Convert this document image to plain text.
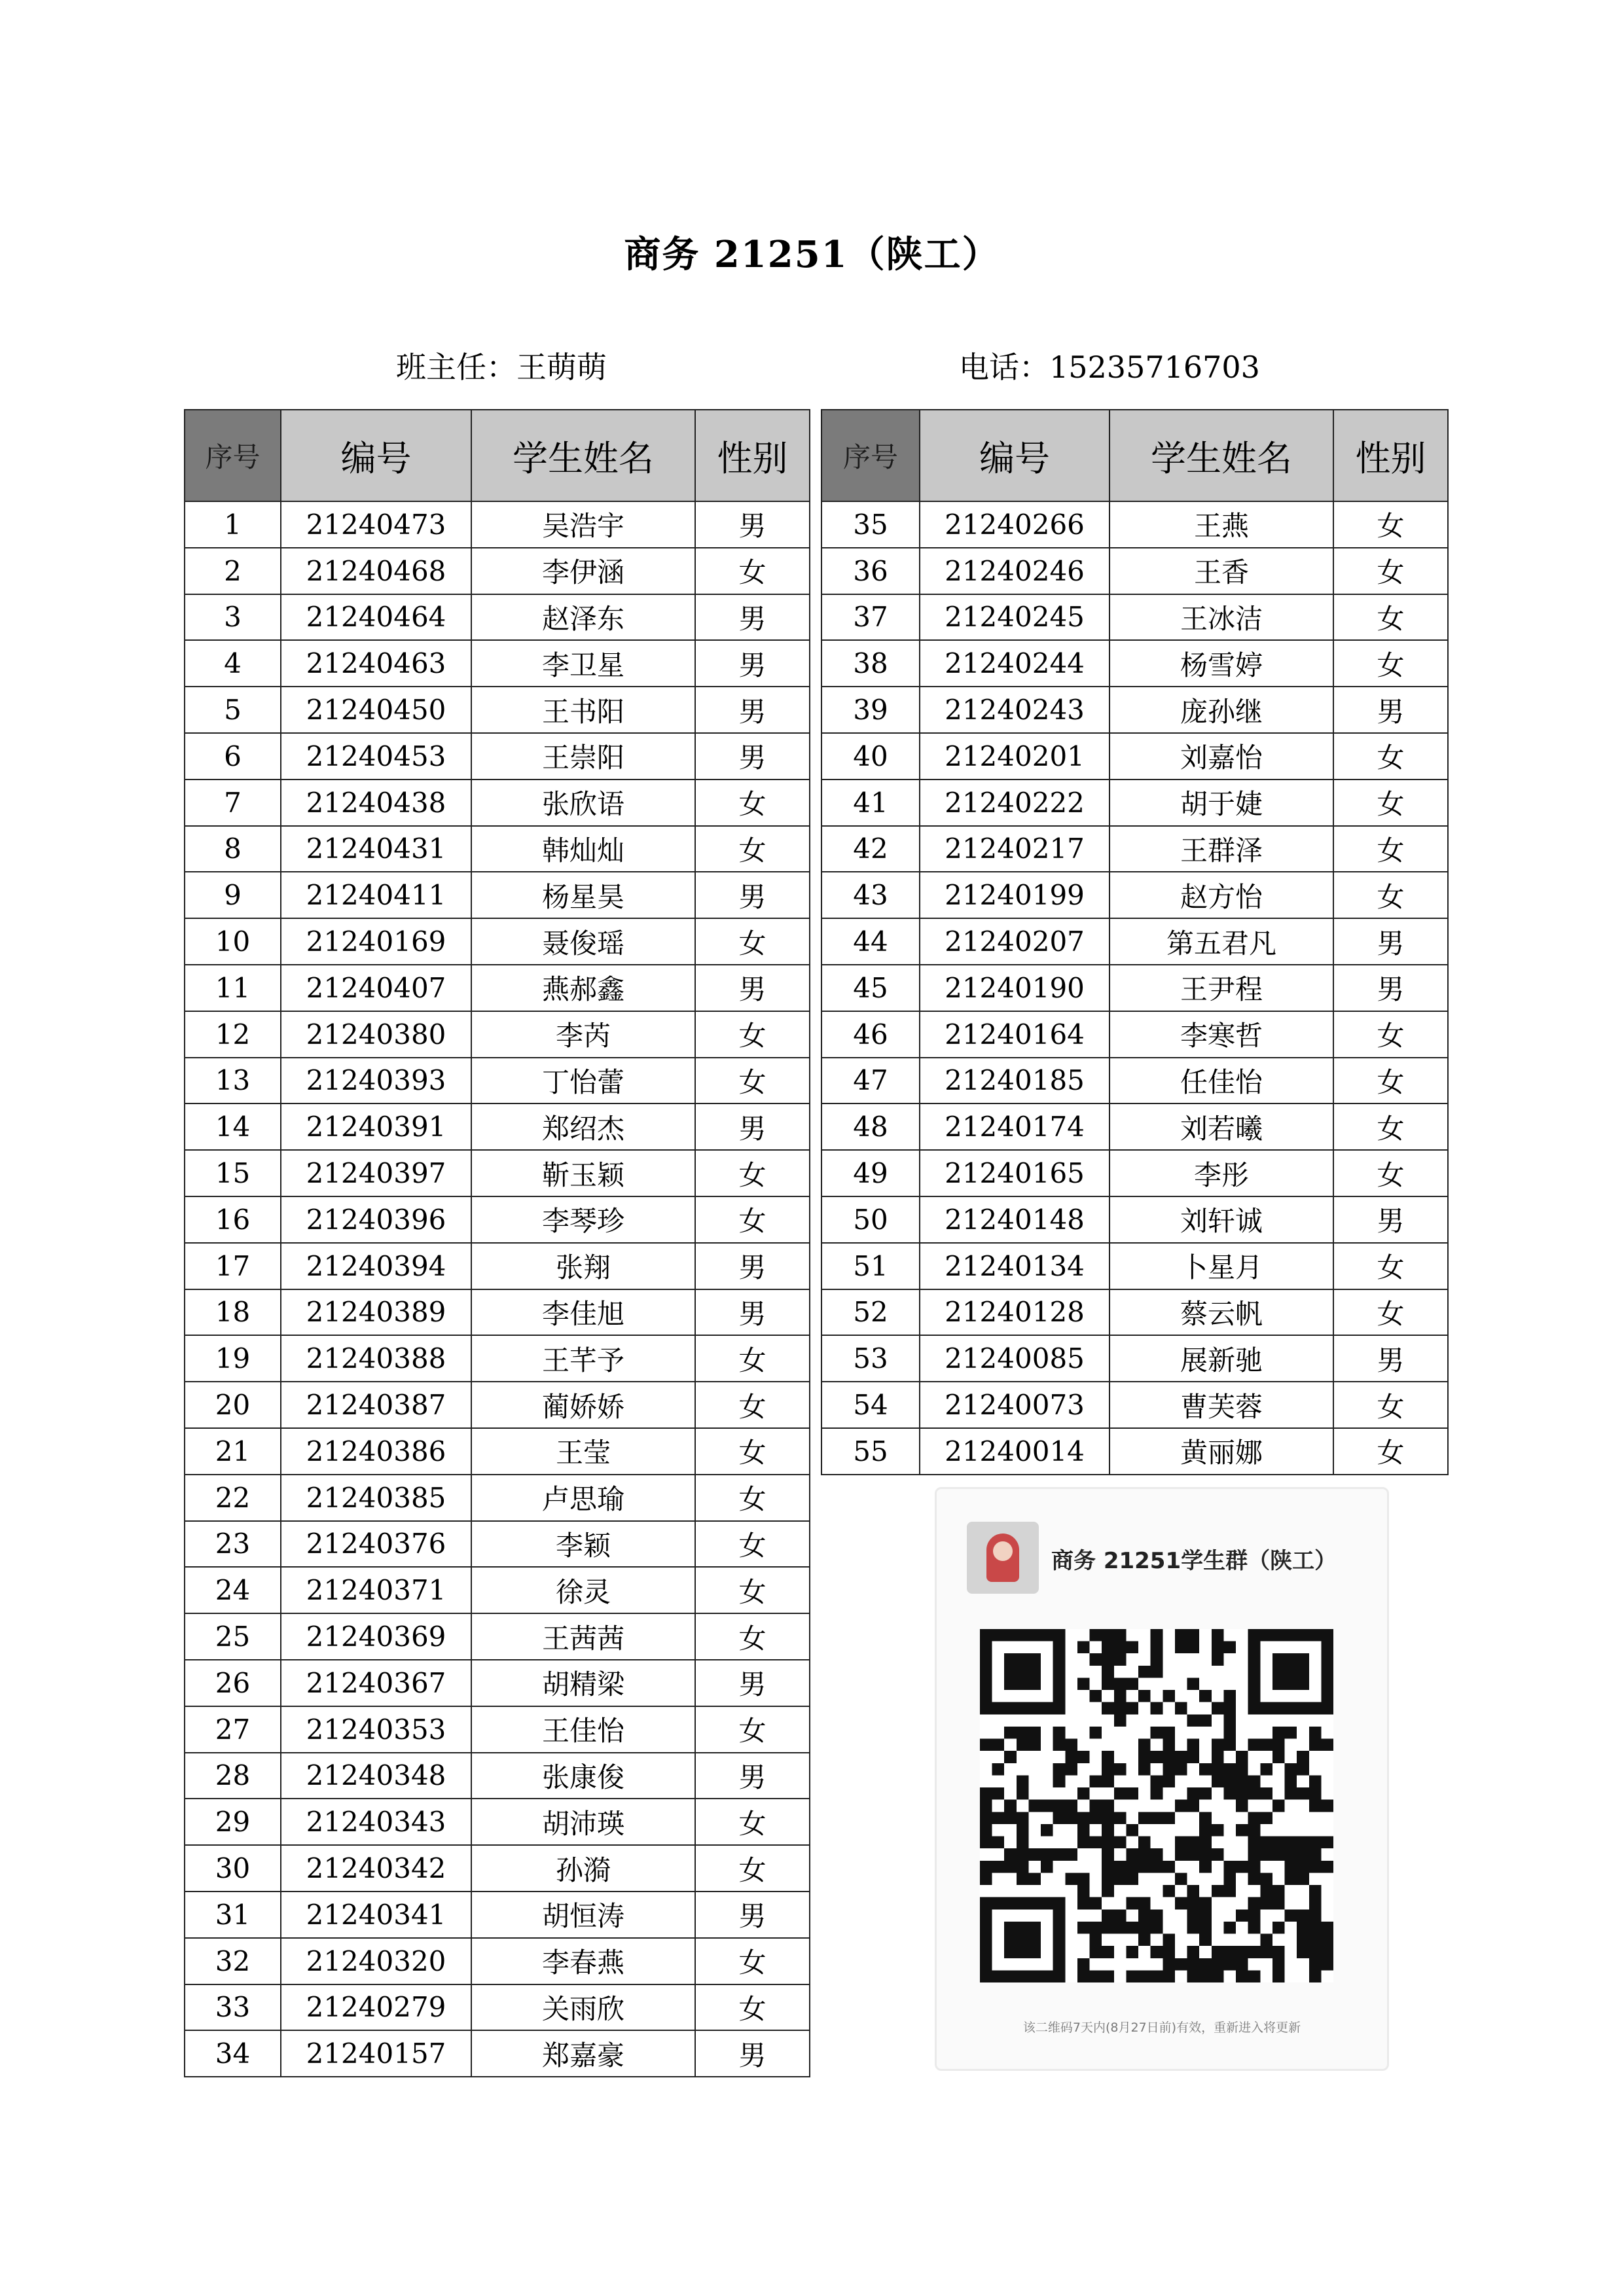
商务 21251（陕工）
班主任：王萌萌	电话：15235716703
序号	编号	学生姓名	性别
1	21240473	吴浩宇	男
2	21240468	李伊涵	女
3	21240464	赵泽东	男
4	21240463	李卫星	男
5	21240450	王书阳	男
6	21240453	王崇阳	男
7	21240438	张欣语	女
8	21240431	韩灿灿	女
9	21240411	杨星昊	男
10	21240169	聂俊瑶	女
11	21240407	燕郝鑫	男
12	21240380	李芮	女
13	21240393	丁怡蕾	女
14	21240391	郑绍杰	男
15	21240397	靳玉颖	女
16	21240396	李琴珍	女
17	21240394	张翔	男
18	21240389	李佳旭	男
19	21240388	王芊予	女
20	21240387	蔺娇娇	女
21	21240386	王莹	女
22	21240385	卢思瑜	女
23	21240376	李颖	女
24	21240371	徐灵	女
25	21240369	王茜茜	女
26	21240367	胡精梁	男
27	21240353	王佳怡	女
28	21240348	张康俊	男
29	21240343	胡沛瑛	女
30	21240342	孙漪	女
31	21240341	胡恒涛	男
32	21240320	李春燕	女
33	21240279	关雨欣	女
34	21240157	郑嘉豪	男
序号	编号	学生姓名	性别
35	21240266	王燕	女
36	21240246	王香	女
37	21240245	王冰洁	女
38	21240244	杨雪婷	女
39	21240243	庞孙继	男
40	21240201	刘嘉怡	女
41	21240222	胡于婕	女
42	21240217	王群泽	女
43	21240199	赵方怡	女
44	21240207	第五君凡	男
45	21240190	王尹程	男
46	21240164	李寒哲	女
47	21240185	任佳怡	女
48	21240174	刘若曦	女
49	21240165	李彤	女
50	21240148	刘轩诚	男
51	21240134	卜星月	女
52	21240128	蔡云帆	女
53	21240085	展新驰	男
54	21240073	曹芙蓉	女
55	21240014	黄丽娜	女
商务 21251学生群（陕工）
该二维码7天内(8月27日前)有效，重新进入将更新
